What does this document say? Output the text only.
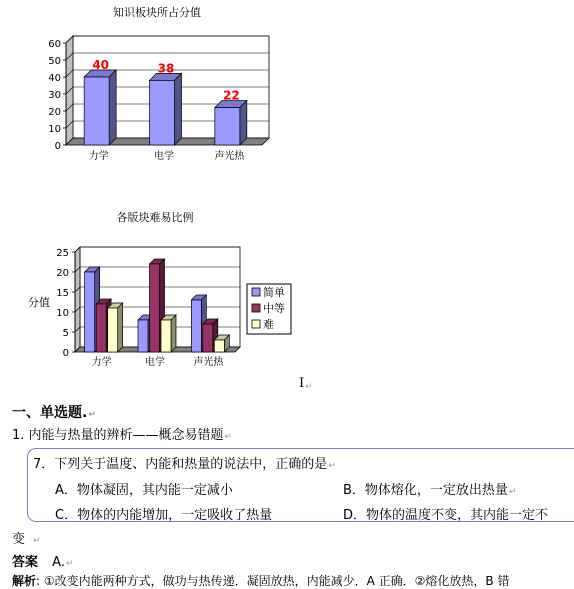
知识板块所占分值
0
10
20
30
40
50
60
40
力学
38
电学
22
声光热
各版块难易比例
分值
0
5
10
15
20
25
力学	电学	声光热
简单
中等
难
I ↵
一、单选题.↵
1. 内能与热量的辨析——概念易错题↵
7．下列关于温度、内能和热量的说法中，正确的是↵
A．物体凝固，其内能一定减小	B．物体熔化，一定放出热量↵
C．物体的内能增加，一定吸收了热量	D．物体的温度不变，其内能一定不
变 ↵
答案 A.↵
解析: ①改变内能两种方式，做功与热传递．凝固放热，内能减少．A 正确．②熔化放热，B 错
